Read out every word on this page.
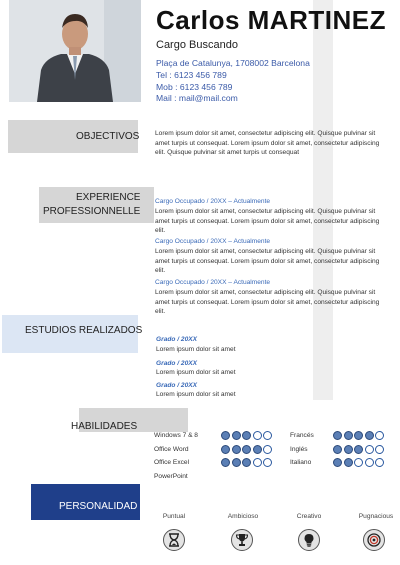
Carlos MARTINEZ
Cargo Buscando
Plaça de Catalunya, 1708002 Barcelona
Tel : 6123 456 789
Mob : 6123 456 789
Mail : mail@mail.com
OBJECTIVOS Lorem ipsum dolor sit amet, consectetur adipiscing elit. Quisque pulvinar sit amet turpis ut consequat. Lorem ipsum dolor sit amet, consectetur adipiscing elit. Quisque pulvinar sit amet turpis ut consequat
EXPERIENCE
PROFESSIONNELLE
Cargo Occupado / 20XX – Actualmente
Lorem ipsum dolor sit amet, consectetur adipiscing elit. Quisque pulvinar sit amet turpis ut consequat. Lorem ipsum dolor sit amet, consectetur adipiscing elit.
Cargo Occupado / 20XX – Actualmente
Lorem ipsum dolor sit amet, consectetur adipiscing elit. Quisque pulvinar sit amet turpis ut consequat. Lorem ipsum dolor sit amet, consectetur adipiscing elit.
Cargo Occupado / 20XX – Actualmente
Lorem ipsum dolor sit amet, consectetur adipiscing elit. Quisque pulvinar sit amet turpis ut consequat. Lorem ipsum dolor sit amet, consectetur adipiscing elit.
ESTUDIOS REALIZADOS
Grado / 20XX
Lorem ipsum dolor sit amet
Grado / 20XX
Lorem ipsum dolor sit amet
Grado / 20XX
Lorem ipsum dolor sit amet
HABILIDADES
Windows 7 & 8
Office Word
Office Excel
PowerPoint
Francés
Inglés
Italiano
PERSONALIDAD
Puntual	Ambicioso	Creativo	Pugnacious
